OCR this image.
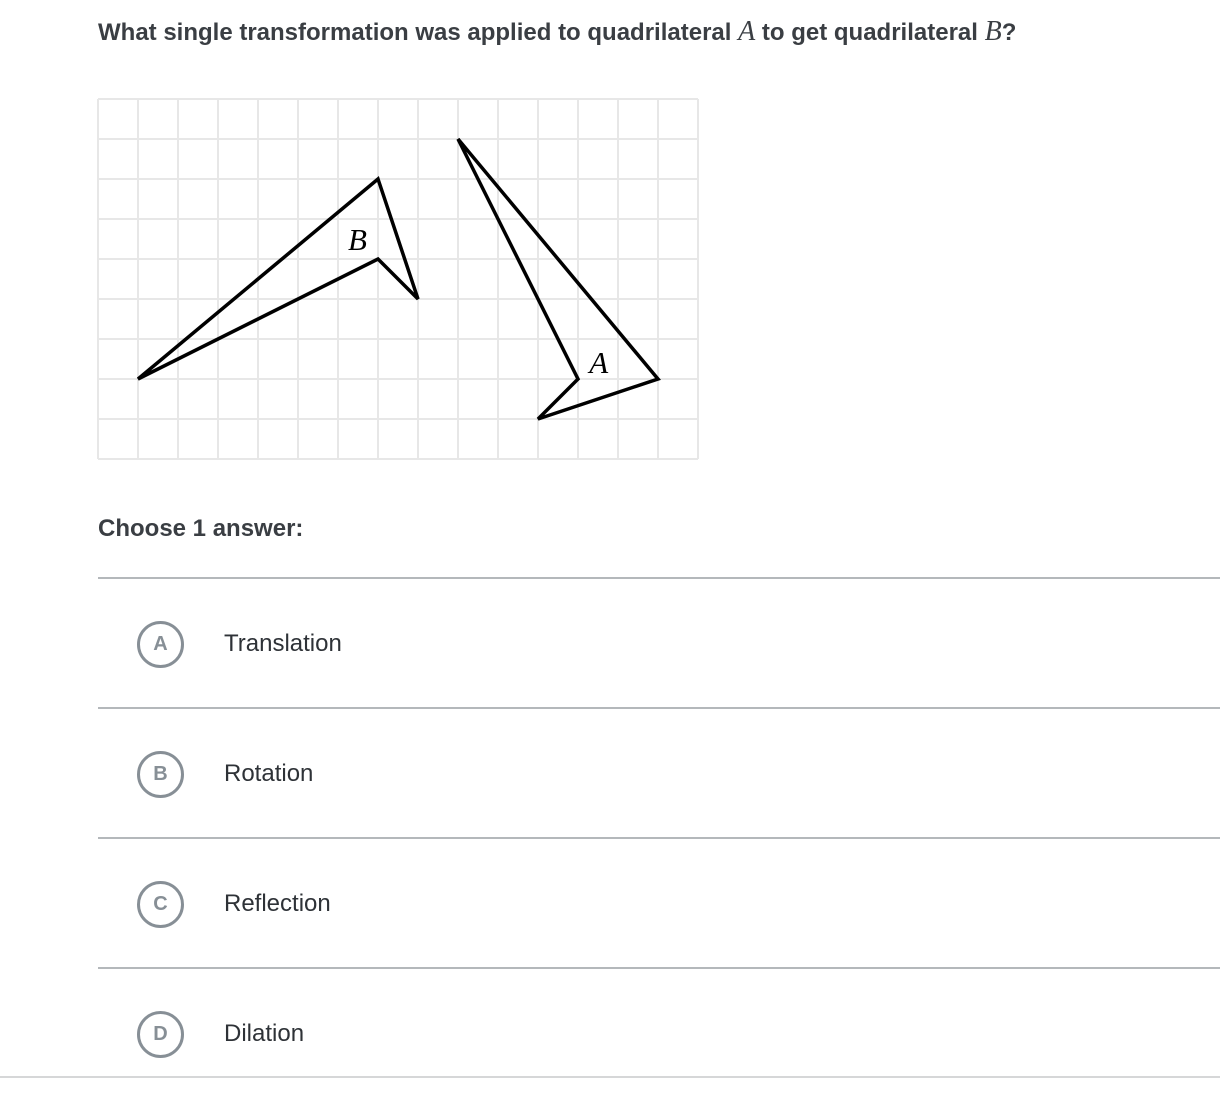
What single transformation was applied to quadrilateral A to get quadrilateral B?
B
A
Choose 1 answer:
A Translation
B Rotation
C Reflection
D Dilation
